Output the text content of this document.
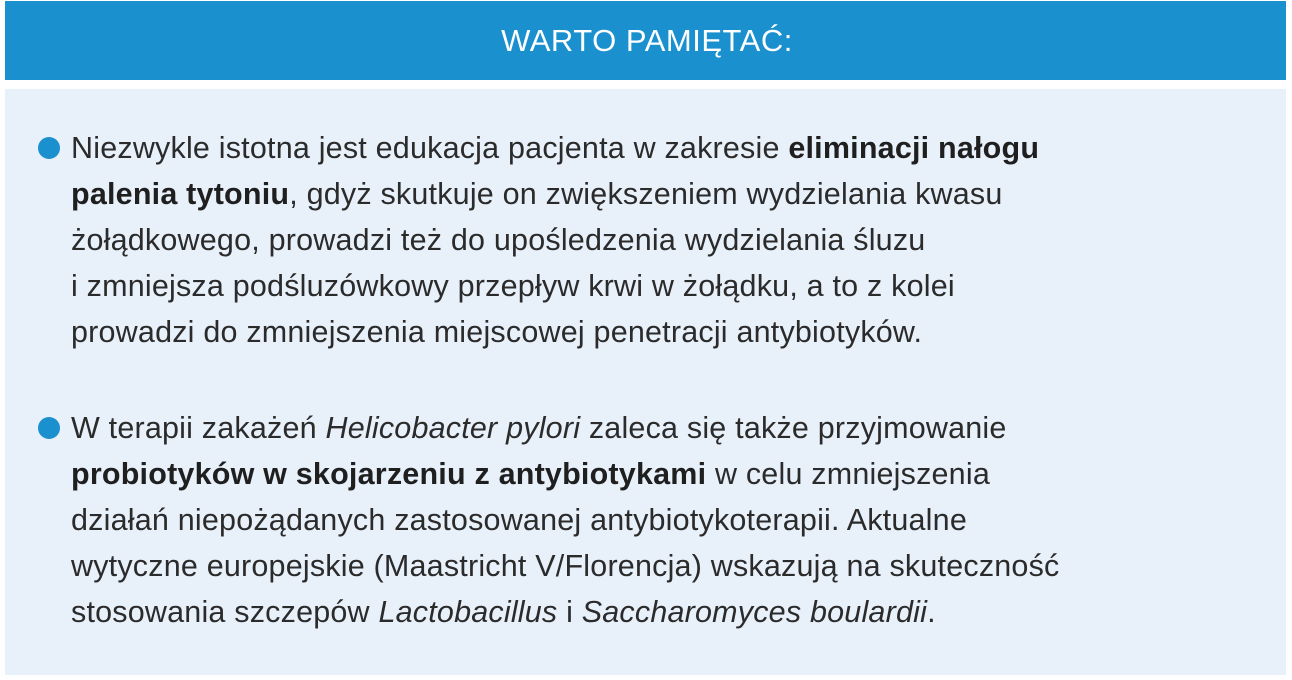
WARTO PAMIĘTAĆ:
Niezwykle istotna jest edukacja pacjenta w zakresie eliminacji nałogu
palenia tytoniu, gdyż skutkuje on zwiększeniem wydzielania kwasu
żołądkowego, prowadzi też do upośledzenia wydzielania śluzu
i zmniejsza podśluzówkowy przepływ krwi w żołądku, a to z kolei
prowadzi do zmniejszenia miejscowej penetracji antybiotyków.
W terapii zakażeń Helicobacter pylori zaleca się także przyjmowanie
probiotyków w skojarzeniu z antybiotykami w celu zmniejszenia
działań niepożądanych zastosowanej antybiotykoterapii. Aktualne
wytyczne europejskie (Maastricht V/Florencja) wskazują na skuteczność
stosowania szczepów Lactobacillus i Saccharomyces boulardii.
